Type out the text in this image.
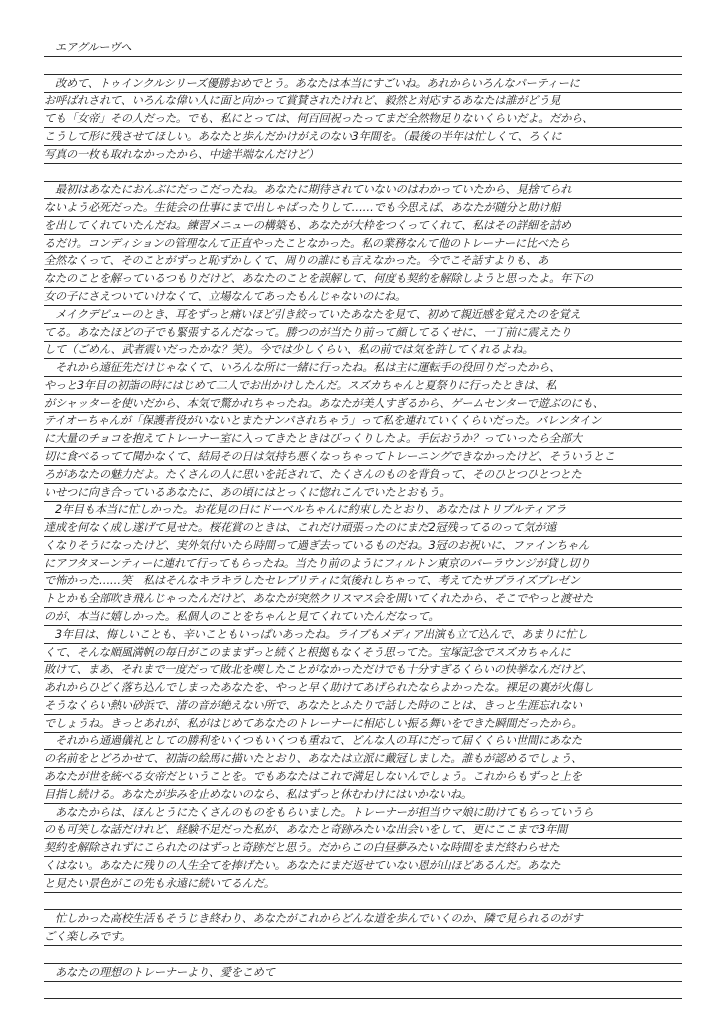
　エアグルーヴへ
　改めて、トゥインクルシリーズ優勝おめでとう。あなたは本当にすごいね。あれからいろんなパーティーに
お呼ばれされて、いろんな偉い人に面と向かって賞賛されたけれど、毅然と対応するあなたは誰がどう見
ても「女帝」その人だった。でも、私にとっては、何百回祝ったってまだ全然物足りないくらいだよ。だから、
こうして形に残させてほしい。あなたと歩んだかけがえのない3年間を。（最後の半年は忙しくて、ろくに
写真の一枚も取れなかったから、中途半端なんだけど）
　最初はあなたにおんぶにだっこだったね。あなたに期待されていないのはわかっていたから、見捨てられ
ないよう必死だった。生徒会の仕事にまで出しゃばったりして……でも今思えば、あなたが随分と助け船
を出してくれていたんだね。練習メニューの構築も、あなたが大枠をつくってくれて、私はその詳細を詰め
るだけ。コンディションの管理なんて正直やったことなかった。私の業務なんて他のトレーナーに比べたら
全然なくって、そのことがずっと恥ずかしくて、周りの誰にも言えなかった。今でこそ話すよりも、あ
なたのことを解っているつもりだけど、あなたのことを誤解して、何度も契約を解除しようと思ったよ。年下の
女の子にさえついていけなくて、立場なんてあったもんじゃないのにね。
　メイクデビューのとき、耳をずっと痛いほど引き絞っていたあなたを見て、初めて親近感を覚えたのを覚え
てる。あなたほどの子でも緊張するんだなって。勝つのが当たり前って顔してるくせに、一丁前に震えたり
して（ごめん、武者震いだったかな？笑）。今では少しくらい、私の前では気を許してくれるよね。
　それから遠征先だけじゃなくて、いろんな所に一緒に行ったね。私は主に運転手の役回りだったから、
やっと3年目の初詣の時にはじめて二人でお出かけしたんだ。スズカちゃんと夏祭りに行ったときは、私
がシャッターを使いだから、本気で驚かれちゃったね。あなたが美人すぎるから、ゲームセンターで遊ぶのにも、
テイオーちゃんが「保護者役がいないとまたナンパされちゃう」って私を連れていくくらいだった。バレンタイン
に大量のチョコを抱えてトレーナー室に入ってきたときはびっくりしたよ。手伝おうか？っていったら全部大
切に食べるってて聞かなくて、結局その日は気持ち悪くなっちゃってトレーニングできなかったけど、そういうとこ
ろがあなたの魅力だよ。たくさんの人に思いを託されて、たくさんのものを背負って、そのひとつひとつとた
いせつに向き合っているあなたに、あの頃にはとっくに惚れこんでいたとおもう。
　2年目も本当に忙しかった。お花見の日にドーベルちゃんに約束したとおり、あなたはトリプルティアラ
達成を何なく成し遂げて見せた。桜花賞のときは、これだけ頑張ったのにまだ2冠残ってるのって気が遠
くなりそうになったけど、実外気付いたら時間って過ぎ去っているものだね。3冠のお祝いに、ファインちゃん
にアフタヌーンティーに連れて行ってもらったね。当たり前のようにフィルトン東京のバーラウンジが貸し切り
で怖かった……笑　私はそんなキラキラしたセレブリティに気後れしちゃって、考えてたサプライズプレゼン
トとかも全部吹き飛んじゃったんだけど、あなたが突然クリスマス会を開いてくれたから、そこでやっと渡せた
のが、本当に嬉しかった。私個人のことをちゃんと見てくれていたんだなって。
　3年目は、悔しいことも、辛いこともいっぱいあったね。ライブもメディア出演も立て込んで、あまりに忙し
くて、そんな順風満帆の毎日がこのままずっと続くと根拠もなくそう思ってた。宝塚記念でスズカちゃんに
敗けて、まあ、それまで一度だって敗北を喫したことがなかっただけでも十分すぎるくらいの快挙なんだけど、
あれからひどく落ち込んでしまったあなたを、やっと早く助けてあげられたならよかったな。裸足の裏が火傷し
そうなくらい熱い砂浜で、渚の音が絶えない所で、あなたとふたりで話した時のことは、きっと生涯忘れない
でしょうね。きっとあれが、私がはじめてあなたのトレーナーに相応しい振る舞いをできた瞬間だったから。
　それから通過儀礼としての勝利をいくつもいくつも重ねて、どんな人の耳にだって届くくらい世間にあなた
の名前をとどろかせて、初詣の絵馬に描いたとおり、あなたは立派に戴冠しました。誰もが認めるでしょう、
あなたが世を統べる女帝だということを。でもあなたはこれで満足しないんでしょう。これからもずっと上を
目指し続ける。あなたが歩みを止めないのなら、私はずっと休むわけにはいかないね。
　あなたからは、ほんとうにたくさんのものをもらいました。トレーナーが担当ウマ娘に助けてもらっていうら
のも可笑しな話だけれど、経験不足だった私が、あなたと奇跡みたいな出会いをして、更にここまで3年間
契約を解除されずにこられたのはずっと奇跡だと思う。だからこの白昼夢みたいな時間をまだ終わらせた
くはない。あなたに残りの人生全てを捧げたい。あなたにまだ返せていない恩が山ほどあるんだ。あなた
と見たい景色がこの先も永遠に続いてるんだ。
　忙しかった高校生活もそうじき終わり、あなたがこれからどんな道を歩んでいくのか、隣で見られるのがす
ごく楽しみです。
　あなたの理想のトレーナーより、愛をこめて
